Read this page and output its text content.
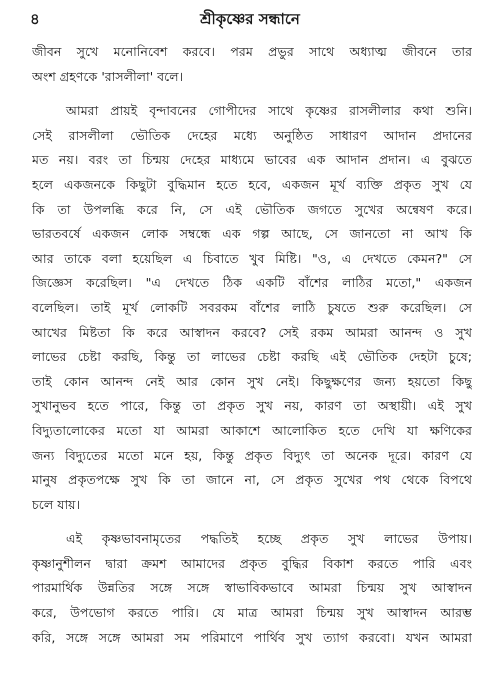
৪	শ্রীকৃষ্ণের সন্ধানে
জীবন সুখে মনোনিবেশ করবে। পরম প্রভুর সাথে অধ্যাত্ম জীবনে তার
অংশ গ্রহণকে 'রাসলীলা' বলে।
আমরা প্রায়ই বৃন্দাবনের গোপীদের সাথে কৃষ্ণের রাসলীলার কথা শুনি।
সেই রাসলীলা ভৌতিক দেহের মধ্যে অনুষ্ঠিত সাধারণ আদান প্রদানের
মত নয়। বরং তা চিন্ময় দেহের মাধ্যমে ভাবের এক আদান প্রদান। এ বুঝতে
হলে একজনকে কিছুটা বুদ্ধিমান হতে হবে, একজন মূর্খ ব্যক্তি প্রকৃত সুখ যে
কি তা উপলব্ধি করে নি, সে এই ভৌতিক জগতে সুখের অন্বেষণ করে।
ভারতবর্ষে একজন লোক সম্বন্ধে এক গল্প আছে, সে জানতো না আখ কি
আর তাকে বলা হয়েছিল এ চিবাতে খুব মিষ্টি। "ও, এ দেখতে কেমন?" সে
জিজ্ঞেস করেছিল। "এ দেখতে ঠিক একটি বাঁশের লাঠির মতো," একজন
বলেছিল। তাই মূর্খ লোকটি সবরকম বাঁশের লাঠি চুষতে শুরু করেছিল। সে
আখের মিষ্টতা কি করে আস্বাদন করবে? সেই রকম আমরা আনন্দ ও সুখ
লাভের চেষ্টা করছি, কিন্তু তা লাভের চেষ্টা করছি এই ভৌতিক দেহটা চুষে;
তাই কোন আনন্দ নেই আর কোন সুখ নেই। কিছুক্ষণের জন্য হয়তো কিছু
সুখানুভব হতে পারে, কিন্তু তা প্রকৃত সুখ নয়, কারণ তা অস্থায়ী। এই সুখ
বিদ্যুতালোকের মতো যা আমরা আকাশে আলোকিত হতে দেখি যা ক্ষণিকের
জন্য বিদ্যুতের মতো মনে হয়, কিন্তু প্রকৃত বিদ্যুৎ তা অনেক দূরে। কারণ যে
মানুষ প্রকৃতপক্ষে সুখ কি তা জানে না, সে প্রকৃত সুখের পথ থেকে বিপথে
চলে যায়।
এই কৃষ্ণভাবনামৃতের পদ্ধতিই হচ্ছে প্রকৃত সুখ লাভের উপায়।
কৃষ্ণানুশীলন দ্বারা ক্রমশ আমাদের প্রকৃত বুদ্ধির বিকাশ করতে পারি এবং
পারমার্থিক উন্নতির সঙ্গে সঙ্গে স্বাভাবিকভাবে আমরা চিন্ময় সুখ আস্বাদন
করে, উপভোগ করতে পারি। যে মাত্র আমরা চিন্ময় সুখ আস্বাদন আরম্ভ
করি, সঙ্গে সঙ্গে আমরা সম পরিমাণে পার্থিব সুখ ত্যাগ করবো। যখন আমরা
